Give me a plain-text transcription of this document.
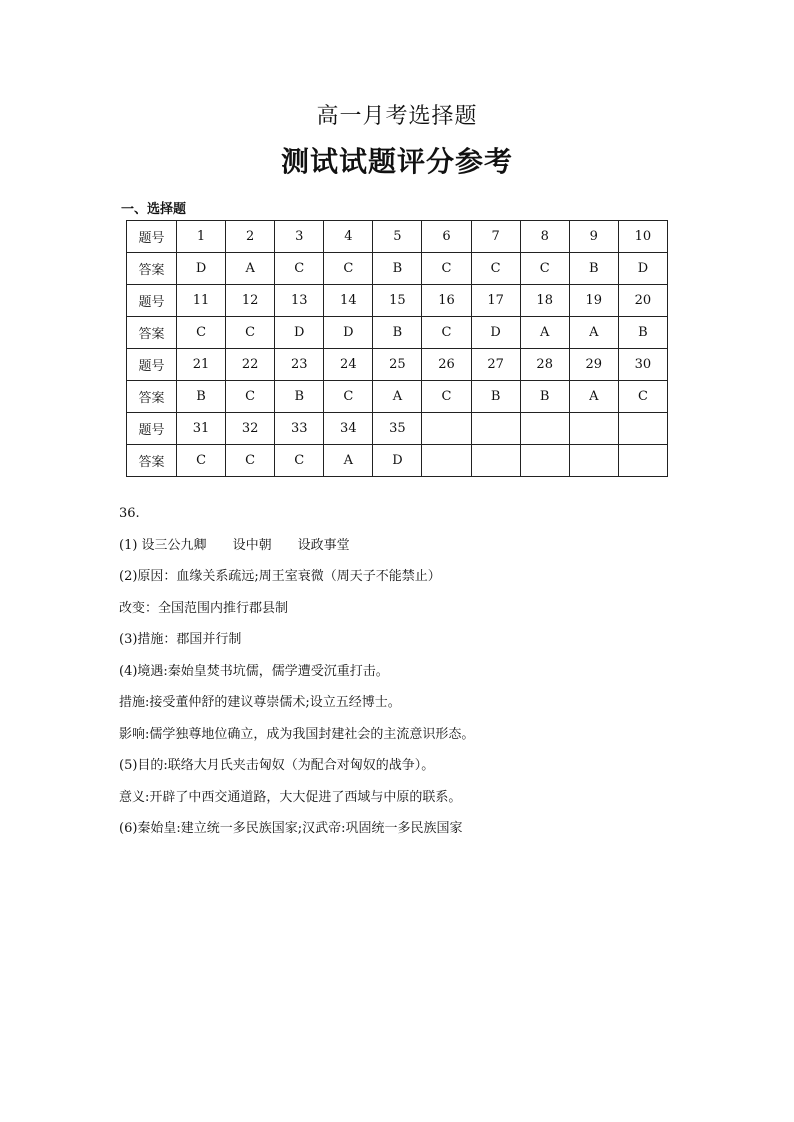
高一月考选择题
测试试题评分参考
一、选择题
题号	1	2	3	4	5	6	7	8	9	10
答案	D	A	C	C	B	C	C	C	B	D
题号	11	12	13	14	15	16	17	18	19	20
答案	C	C	D	D	B	C	D	A	A	B
题号	21	22	23	24	25	26	27	28	29	30
答案	B	C	B	C	A	C	B	B	A	C
题号	31	32	33	34	35					
答案	C	C	C	A	D					
36.
(1) 设三公九卿 设中朝 设政事堂
(2)原因：血缘关系疏远;周王室衰微（周天子不能禁止）
改变：全国范围内推行郡县制
(3)措施：郡国并行制
(4)境遇:秦始皇焚书坑儒，儒学遭受沉重打击。
措施:接受董仲舒的建议尊崇儒术;设立五经博士。
影响:儒学独尊地位确立，成为我国封建社会的主流意识形态。
(5)目的:联络大月氏夹击匈奴（为配合对匈奴的战争）。
意义:开辟了中西交通道路，大大促进了西域与中原的联系。
(6)秦始皇:建立统一多民族国家;汉武帝:巩固统一多民族国家
